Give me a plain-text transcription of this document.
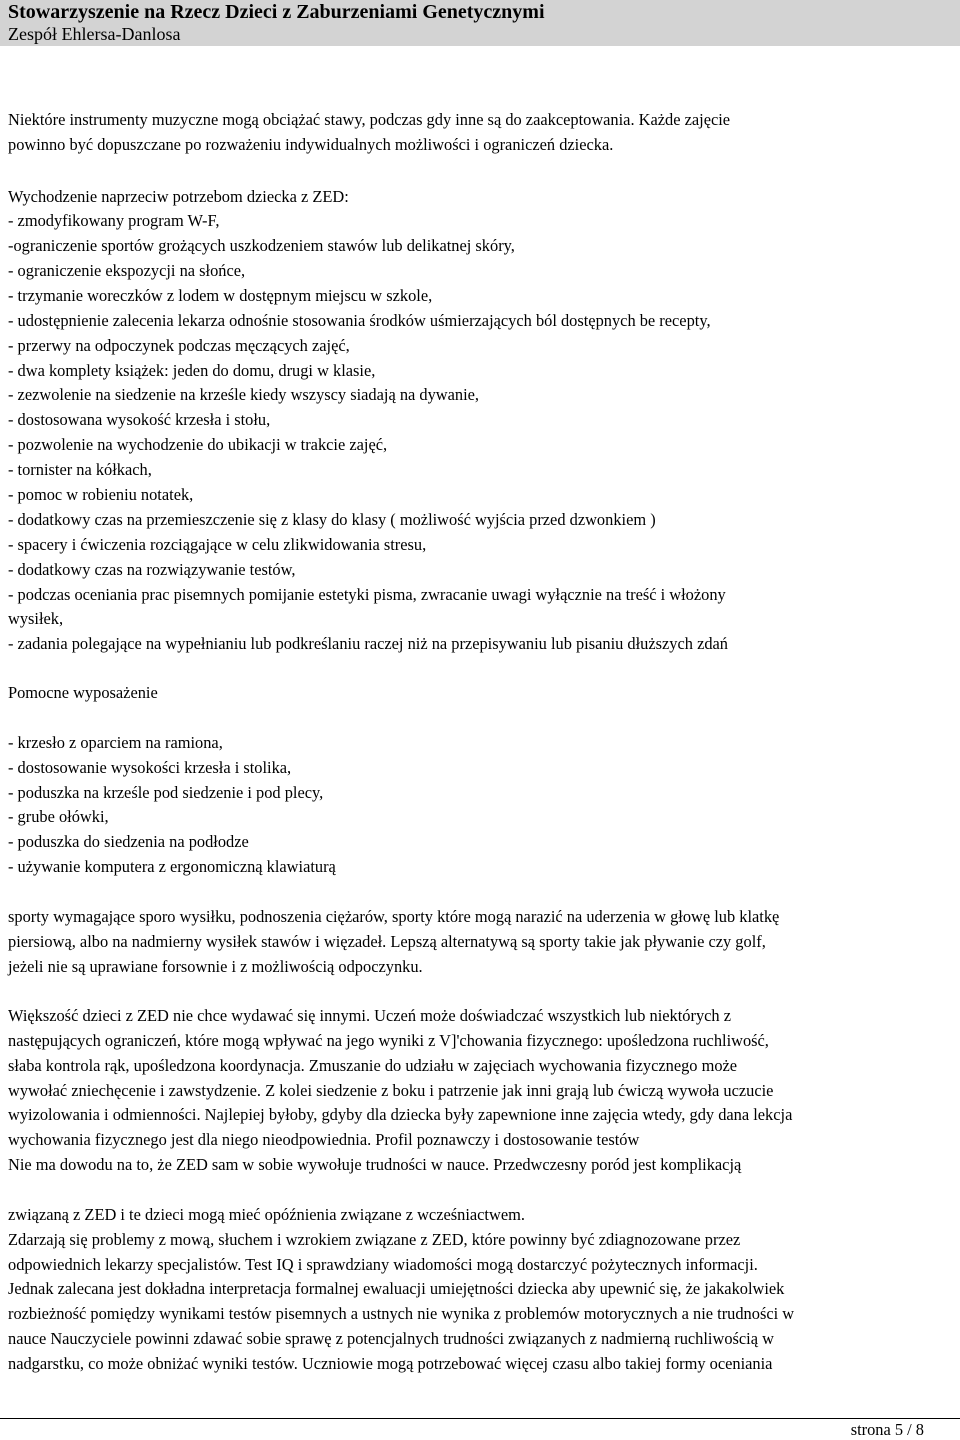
Stowarzyszenie na Rzecz Dzieci z Zaburzeniami Genetycznymi
Zespół Ehlersa-Danlosa
Niektóre instrumenty muzyczne mogą obciążać stawy, podczas gdy inne są do zaakceptowania. Każde zajęcie
powinno być dopuszczane po rozważeniu indywidualnych możliwości i ograniczeń dziecka.
Wychodzenie naprzeciw potrzebom dziecka z ZED:
- zmodyfikowany program W-F,
-ograniczenie sportów grożących uszkodzeniem stawów lub delikatnej skóry,
- ograniczenie ekspozycji na słońce,
- trzymanie woreczków z lodem w dostępnym miejscu w szkole,
- udostępnienie zalecenia lekarza odnośnie stosowania środków uśmierzających ból dostępnych be recepty,
- przerwy na odpoczynek podczas męczących zajęć,
- dwa komplety książek: jeden do domu, drugi w klasie,
- zezwolenie na siedzenie na krześle kiedy wszyscy siadają na dywanie,
- dostosowana wysokość krzesła i stołu,
- pozwolenie na wychodzenie do ubikacji w trakcie zajęć,
- tornister na kółkach,
- pomoc w robieniu notatek,
- dodatkowy czas na przemieszczenie się z klasy do klasy ( możliwość wyjścia przed dzwonkiem )
- spacery i ćwiczenia rozciągające w celu zlikwidowania stresu,
- dodatkowy czas na rozwiązywanie testów,
- podczas oceniania prac pisemnych pomijanie estetyki pisma, zwracanie uwagi wyłącznie na treść i włożony
wysiłek,
- zadania polegające na wypełnianiu lub podkreślaniu raczej niż na przepisywaniu lub pisaniu dłuższych zdań
Pomocne wyposażenie
- krzesło z oparciem na ramiona,
- dostosowanie wysokości krzesła i stolika,
- poduszka na krześle pod siedzenie i pod plecy,
- grube ołówki,
- poduszka do siedzenia na podłodze
- używanie komputera z ergonomiczną klawiaturą
sporty wymagające sporo wysiłku, podnoszenia ciężarów, sporty które mogą narazić na uderzenia w głowę lub klatkę
piersiową, albo na nadmierny wysiłek stawów i więzadeł. Lepszą alternatywą są sporty takie jak pływanie czy golf,
jeżeli nie są uprawiane forsownie i z możliwością odpoczynku.
Większość dzieci z ZED nie chce wydawać się innymi. Uczeń może doświadczać wszystkich lub niektórych z
następujących ograniczeń, które mogą wpływać na jego wyniki z V]'chowania fizycznego: upośledzona ruchliwość,
słaba kontrola rąk, upośledzona koordynacja. Zmuszanie do udziału w zajęciach wychowania fizycznego może
wywołać zniechęcenie i zawstydzenie. Z kolei siedzenie z boku i patrzenie jak inni grają lub ćwiczą wywoła uczucie
wyizolowania i odmienności. Najlepiej byłoby, gdyby dla dziecka były zapewnione inne zajęcia wtedy, gdy dana lekcja
wychowania fizycznego jest dla niego nieodpowiednia. Profil poznawczy i dostosowanie testów
Nie ma dowodu na to, że ZED sam w sobie wywołuje trudności w nauce. Przedwczesny poród jest komplikacją
związaną z ZED i te dzieci mogą mieć opóźnienia związane z wcześniactwem.
Zdarzają się problemy z mową, słuchem i wzrokiem związane z ZED, które powinny być zdiagnozowane przez
odpowiednich lekarzy specjalistów. Test IQ i sprawdziany wiadomości mogą dostarczyć pożytecznych informacji.
Jednak zalecana jest dokładna interpretacja formalnej ewaluacji umiejętności dziecka aby upewnić się, że jakakolwiek
rozbieżność pomiędzy wynikami testów pisemnych a ustnych nie wynika z problemów motorycznych a nie trudności w
nauce Nauczyciele powinni zdawać sobie sprawę z potencjalnych trudności związanych z nadmierną ruchliwością w
nadgarstku, co może obniżać wyniki testów. Uczniowie mogą potrzebować więcej czasu albo takiej formy oceniania
strona 5 / 8
